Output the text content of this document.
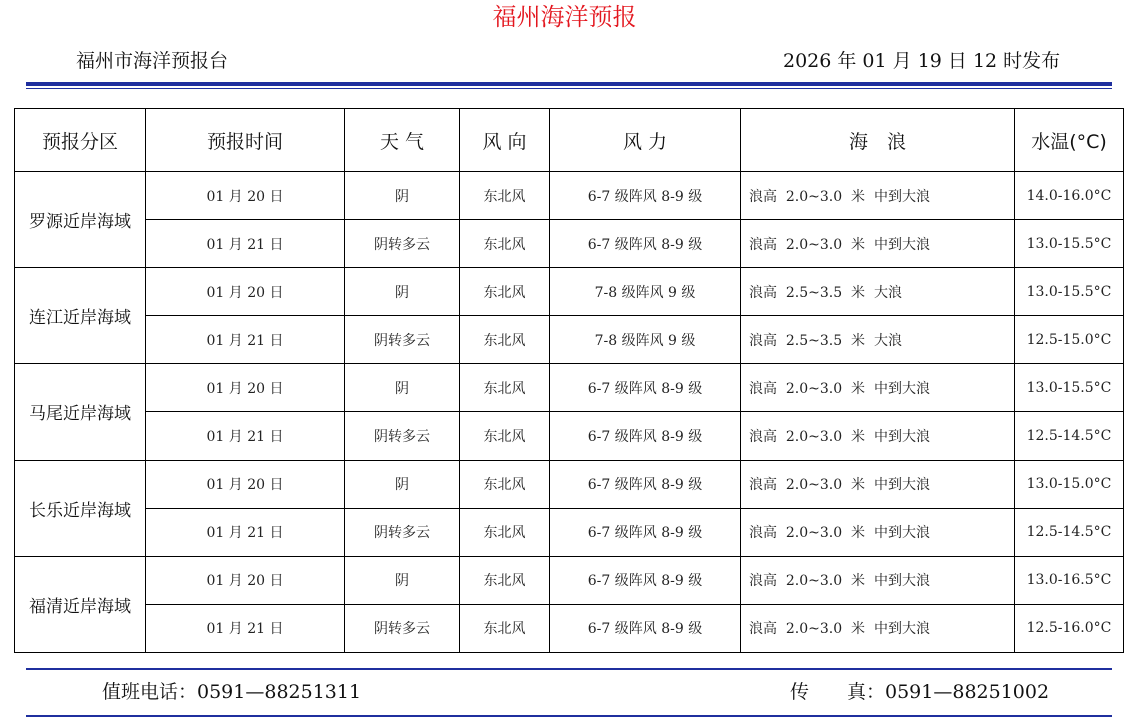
福州海洋预报
福州市海洋预报台	2026 年 01 月 19 日 12 时发布
预报分区	预报时间	天 气	风 向	风 力	海　浪	水温(°C)
罗源近岸海域	01 月 20 日	阴	东北风	6-7 级阵风 8-9 级	浪高  2.0~3.0  米  中到大浪	14.0-16.0°C
	01 月 21 日	阴转多云	东北风	6-7 级阵风 8-9 级	浪高  2.0~3.0  米  中到大浪	13.0-15.5°C
连江近岸海域	01 月 20 日	阴	东北风	7-8 级阵风 9 级	浪高  2.5~3.5  米  大浪	13.0-15.5°C
	01 月 21 日	阴转多云	东北风	7-8 级阵风 9 级	浪高  2.5~3.5  米  大浪	12.5-15.0°C
马尾近岸海域	01 月 20 日	阴	东北风	6-7 级阵风 8-9 级	浪高  2.0~3.0  米  中到大浪	13.0-15.5°C
	01 月 21 日	阴转多云	东北风	6-7 级阵风 8-9 级	浪高  2.0~3.0  米  中到大浪	12.5-14.5°C
长乐近岸海域	01 月 20 日	阴	东北风	6-7 级阵风 8-9 级	浪高  2.0~3.0  米  中到大浪	13.0-15.0°C
	01 月 21 日	阴转多云	东北风	6-7 级阵风 8-9 级	浪高  2.0~3.0  米  中到大浪	12.5-14.5°C
福清近岸海域	01 月 20 日	阴	东北风	6-7 级阵风 8-9 级	浪高  2.0~3.0  米  中到大浪	13.0-16.5°C
	01 月 21 日	阴转多云	东北风	6-7 级阵风 8-9 级	浪高  2.0~3.0  米  中到大浪	12.5-16.0°C
值班电话：0591—88251311	传　　真：0591—88251002
